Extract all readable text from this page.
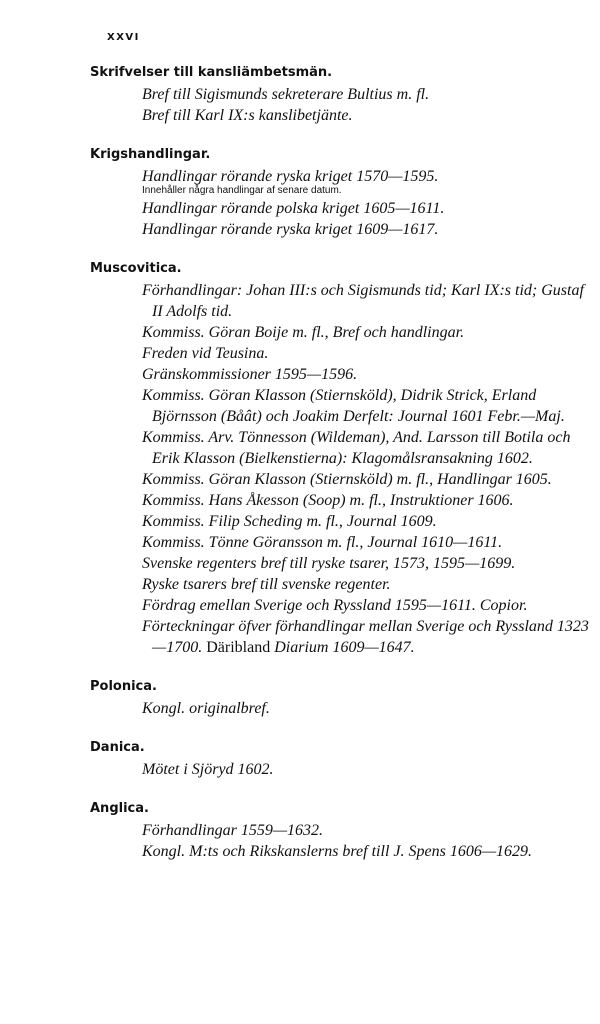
XXVI
Skrifvelser till kansliämbetsmän.
Bref till Sigismunds sekreterare Bultius m. fl.
Bref till Karl IX:s kanslibetjänte.
Krigshandlingar.
Handlingar rörande ryska kriget 1570—1595.
Innehåller några handlingar af senare datum.
Handlingar rörande polska kriget 1605—1611.
Handlingar rörande ryska kriget 1609—1617.
Muscovitica.
Förhandlingar: Johan III:s och Sigismunds tid; Karl IX:s tid; Gustaf II Adolfs tid.
Kommiss. Göran Boije m. fl., Bref och handlingar.
Freden vid Teusina.
Gränskommissioner 1595—1596.
Kommiss. Göran Klasson (Stiernsköld), Didrik Strick, Erland Björnsson (Båât) och Joakim Derfelt: Journal 1601 Febr.—Maj.
Kommiss. Arv. Tönnesson (Wildeman), And. Larsson till Botila och Erik Klasson (Bielkenstierna): Klagomålsransakning 1602.
Kommiss. Göran Klasson (Stiernsköld) m. fl., Handlingar 1605.
Kommiss. Hans Åkesson (Soop) m. fl., Instruktioner 1606.
Kommiss. Filip Scheding m. fl., Journal 1609.
Kommiss. Tönne Göransson m. fl., Journal 1610—1611.
Svenske regenters bref till ryske tsarer, 1573, 1595—1699.
Ryske tsarers bref till svenske regenter.
Fördrag emellan Sverige och Ryssland 1595—1611. Copior.
Förteckningar öfver förhandlingar mellan Sverige och Ryssland 1323—1700. Däribland Diarium 1609—1647.
Polonica.
Kongl. originalbref.
Danica.
Mötet i Sjöryd 1602.
Anglica.
Förhandlingar 1559—1632.
Kongl. M:ts och Rikskanslerns bref till J. Spens 1606—1629.
